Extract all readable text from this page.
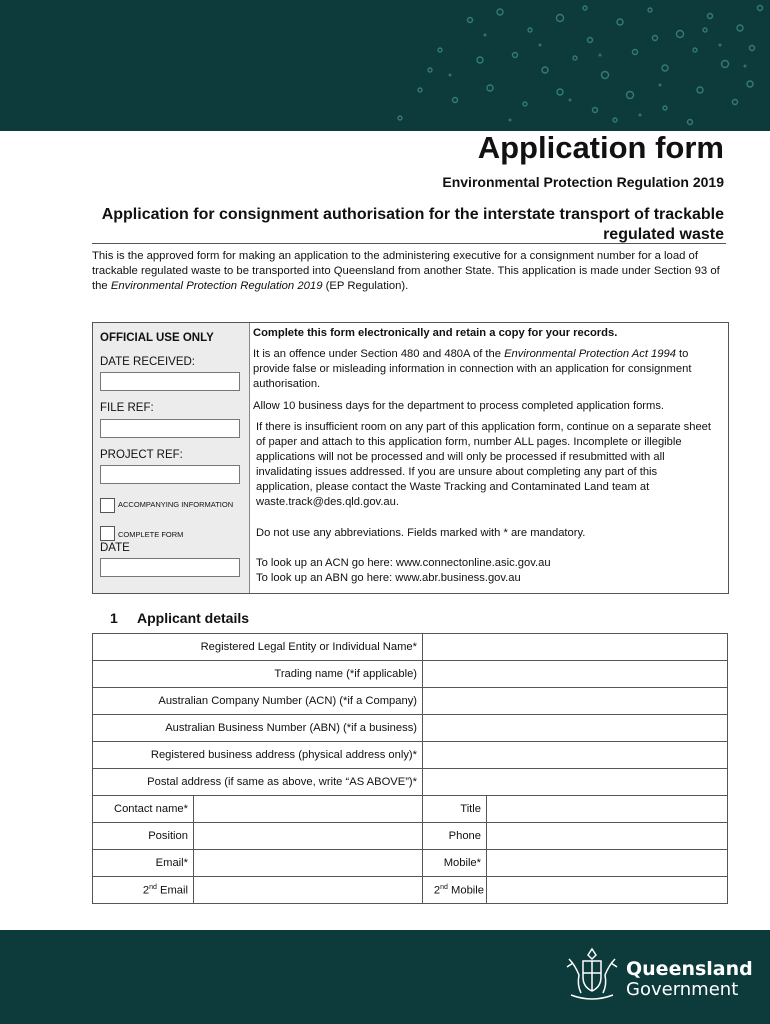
Application form
Environmental Protection Regulation 2019
Application for consignment authorisation for the interstate transport of trackable regulated waste

This is the approved form for making an application to the administering executive for a consignment number for a load of trackable regulated waste to be transported into Queensland from another State. This application is made under Section 93 of the Environmental Protection Regulation 2019 (EP Regulation).

OFFICIAL USE ONLY
DATE RECEIVED:
FILE REF:
PROJECT REF:
ACCOMPANYING INFORMATION
COMPLETE FORM
DATE
Complete this form electronically and retain a copy for your records.
It is an offence under Section 480 and 480A of the Environmental Protection Act 1994 to provide false or misleading information in connection with an application for consignment authorisation.
Allow 10 business days for the department to process completed application forms.
If there is insufficient room on any part of this application form, continue on a separate sheet of paper and attach to this application form, number ALL pages. Incomplete or illegible applications will not be processed and will only be processed if resubmitted with all invalidating issues addressed. If you are unsure about completing any part of this application, please contact the Waste Tracking and Contaminated Land team at waste.track@des.qld.gov.au.
Do not use any abbreviations. Fields marked with * are mandatory.
To look up an ACN go here: www.connectonline.asic.gov.au
To look up an ABN go here: www.abr.business.gov.au
1 Applicant details
Registered Legal Entity or Individual Name*			
Trading name (*if applicable)			
Australian Company Number (ACN) (*if a Company)			
Australian Business Number (ABN) (*if a business)			
Registered business address (physical address only)*			
Postal address (if same as above, write “AS ABOVE”)*			
Contact name*		Title	
Position		Phone	
Email*		Mobile*	
2nd Email		2nd Mobile	
Queensland
Government
